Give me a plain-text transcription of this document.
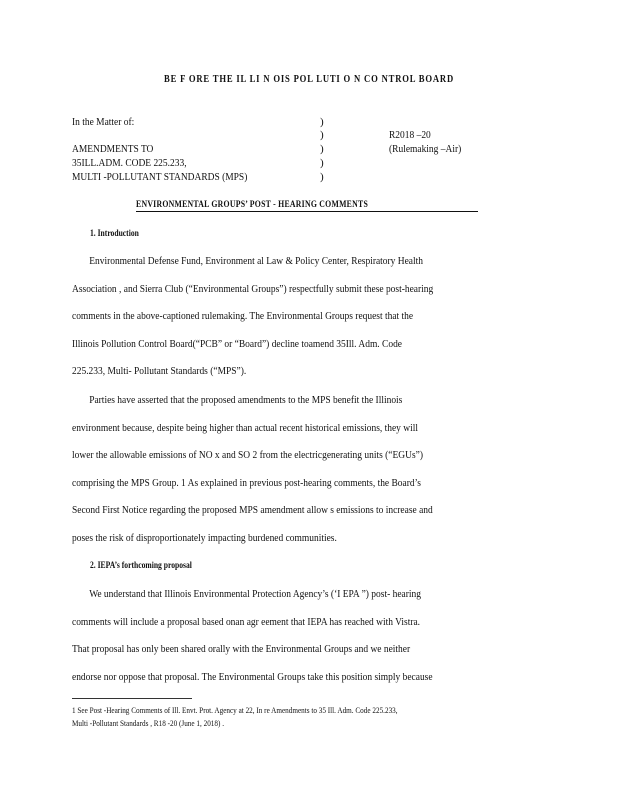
BE F ORE THE IL LI N OIS POL LUTI O N CO NTROL BOARD
In the Matter of:
AMENDMENTS TO
35ILL.ADM. CODE 225.233,
MULTI -POLLUTANT STANDARDS (MPS)
)
)
)
)
)
R2018 –20
(Rulemaking –Air)
ENVIRONMENTAL GROUPS’ POST - HEARING COMMENTS
1. Introduction
Environmental Defense Fund, Environment al Law & Policy Center, Respiratory Health
Association , and Sierra Club (“Environmental Groups”) respectfully submit these post-hearing
comments in the above-captioned rulemaking. The Environmental Groups request that the
Illinois Pollution Control Board(“PCB” or “Board”) decline toamend 35Ill. Adm. Code
225.233, Multi- Pollutant Standards (“MPS”).
Parties have asserted that the proposed amendments to the MPS benefit the Illinois
environment because, despite being higher than actual recent historical emissions, they will
lower the allowable emissions of NO x and SO 2 from the electricgenerating units (“EGUs”)
comprising the MPS Group. 1 As explained in previous post-hearing comments, the Board’s
Second First Notice regarding the proposed MPS amendment allow s emissions to increase and
poses the risk of disproportionately impacting burdened communities.
2. IEPA’s forthcoming proposal
We understand that Illinois Environmental Protection Agency’s (‘I EPA ”) post- hearing
comments will include a proposal based onan agr eement that IEPA has reached with Vistra.
That proposal has only been shared orally with the Environmental Groups and we neither
endorse nor oppose that proposal. The Environmental Groups take this position simply because
1 See Post -Hearing Comments of Ill. Envt. Prot. Agency at 22, In re Amendments to 35 Ill. Adm. Code 225.233,
Multi -Pollutant Standards , R18 -20 (June 1, 2018) .
